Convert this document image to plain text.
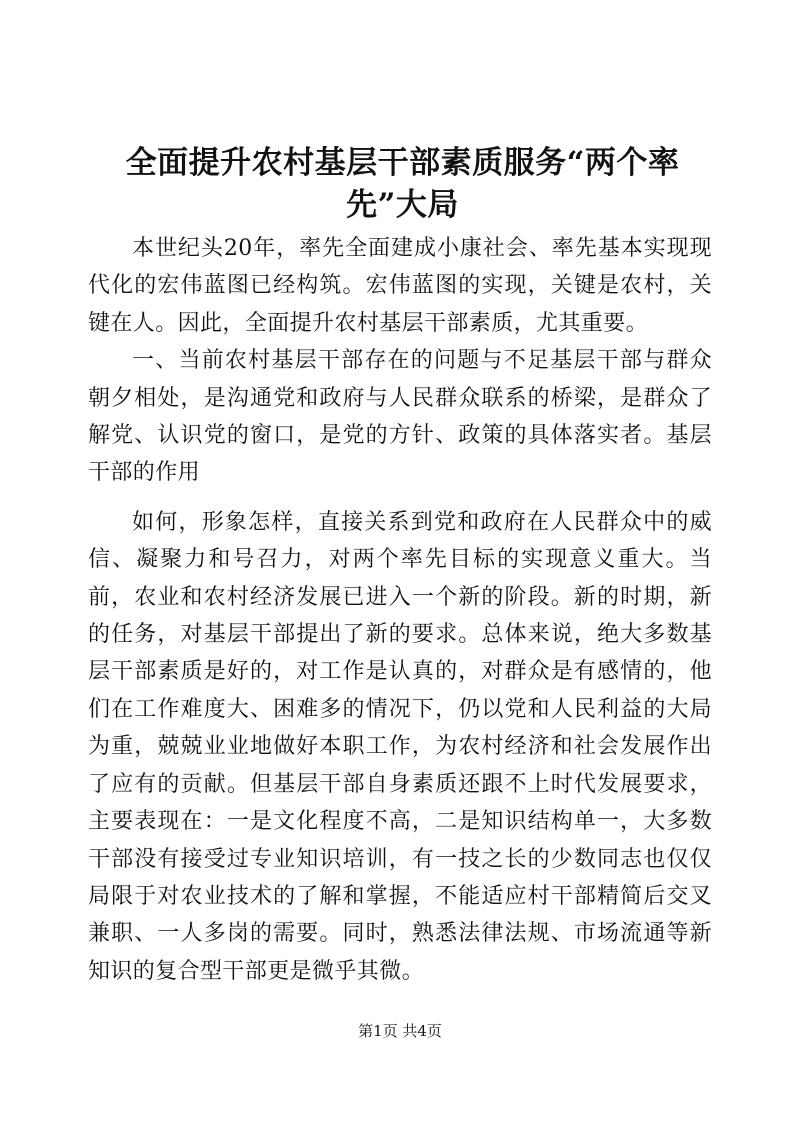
全面提升农村基层干部素质服务“两个率先”大局

本世纪头20年，率先全面建成小康社会、率先基本实现现代化的宏伟蓝图已经构筑。宏伟蓝图的实现，关键是农村，关键在人。因此，全面提升农村基层干部素质，尤其重要。

一、当前农村基层干部存在的问题与不足基层干部与群众朝夕相处，是沟通党和政府与人民群众联系的桥梁，是群众了解党、认识党的窗口，是党的方针、政策的具体落实者。基层干部的作用

如何，形象怎样，直接关系到党和政府在人民群众中的威信、凝聚力和号召力，对两个率先目标的实现意义重大。当前，农业和农村经济发展已进入一个新的阶段。新的时期，新的任务，对基层干部提出了新的要求。总体来说，绝大多数基层干部素质是好的，对工作是认真的，对群众是有感情的，他们在工作难度大、困难多的情况下，仍以党和人民利益的大局为重，兢兢业业地做好本职工作，为农村经济和社会发展作出了应有的贡献。但基层干部自身素质还跟不上时代发展要求，主要表现在：一是文化程度不高，二是知识结构单一，大多数干部没有接受过专业知识培训，有一技之长的少数同志也仅仅局限于对农业技术的了解和掌握，不能适应村干部精简后交叉兼职、一人多岗的需要。同时，熟悉法律法规、市场流通等新知识的复合型干部更是微乎其微。

第1页 共4页
